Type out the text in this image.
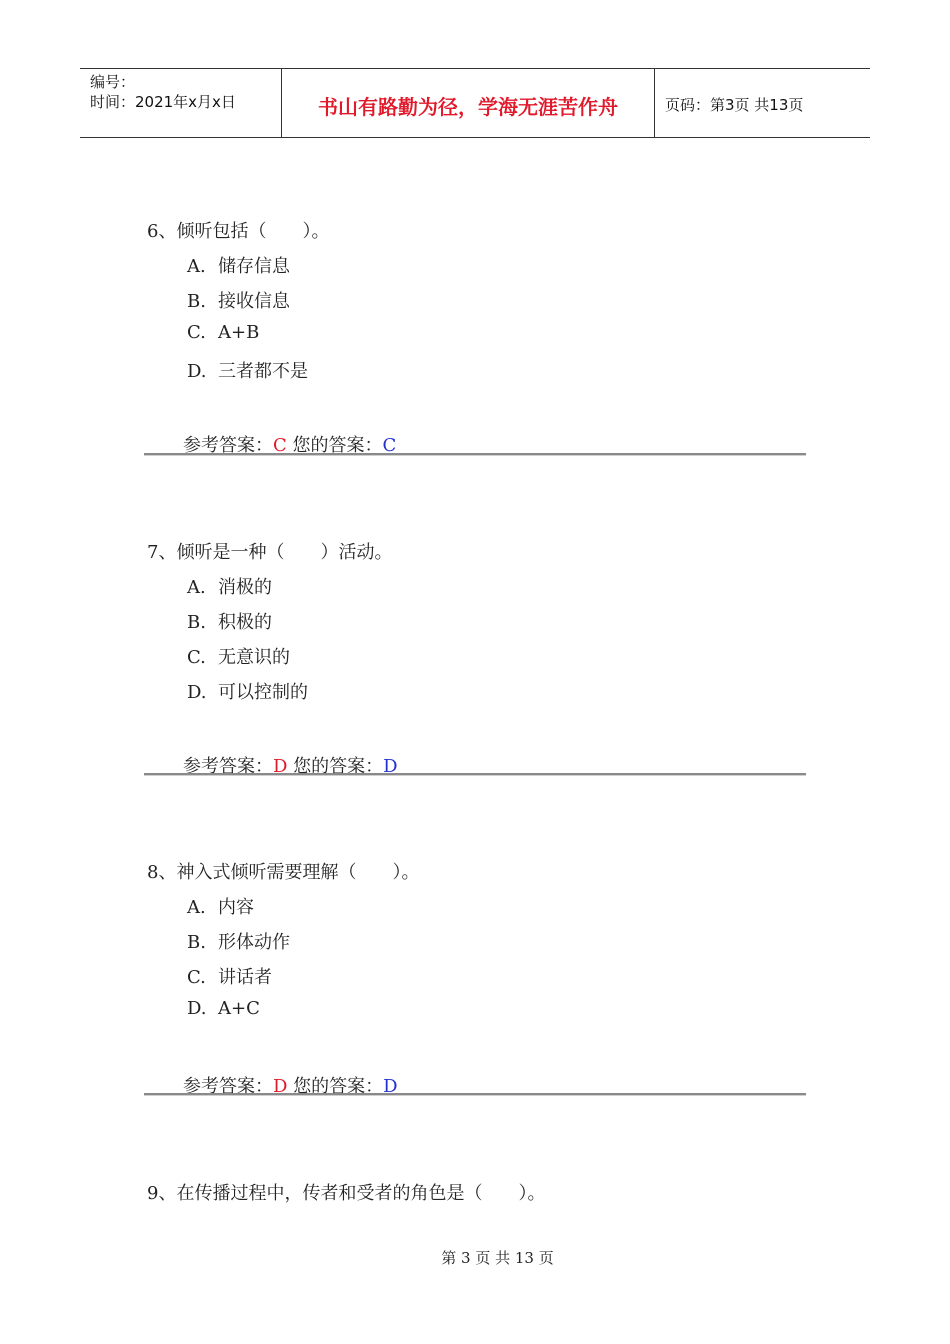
编号：
时间：2021年x月x日	书山有路勤为径，学海无涯苦作舟	页码：第3页 共13页
6、倾听包括（　　）。
A. 储存信息
B. 接收信息
C. A+B
D. 三者都不是
参考答案：C 您的答案：C
7、倾听是一种（　　）活动。
A. 消极的
B. 积极的
C. 无意识的
D. 可以控制的
参考答案：D 您的答案：D
8、神入式倾听需要理解（　　）。
A. 内容
B. 形体动作
C. 讲话者
D. A+C
参考答案：D 您的答案：D
9、在传播过程中，传者和受者的角色是（　　）。
第 3 页 共 13 页
